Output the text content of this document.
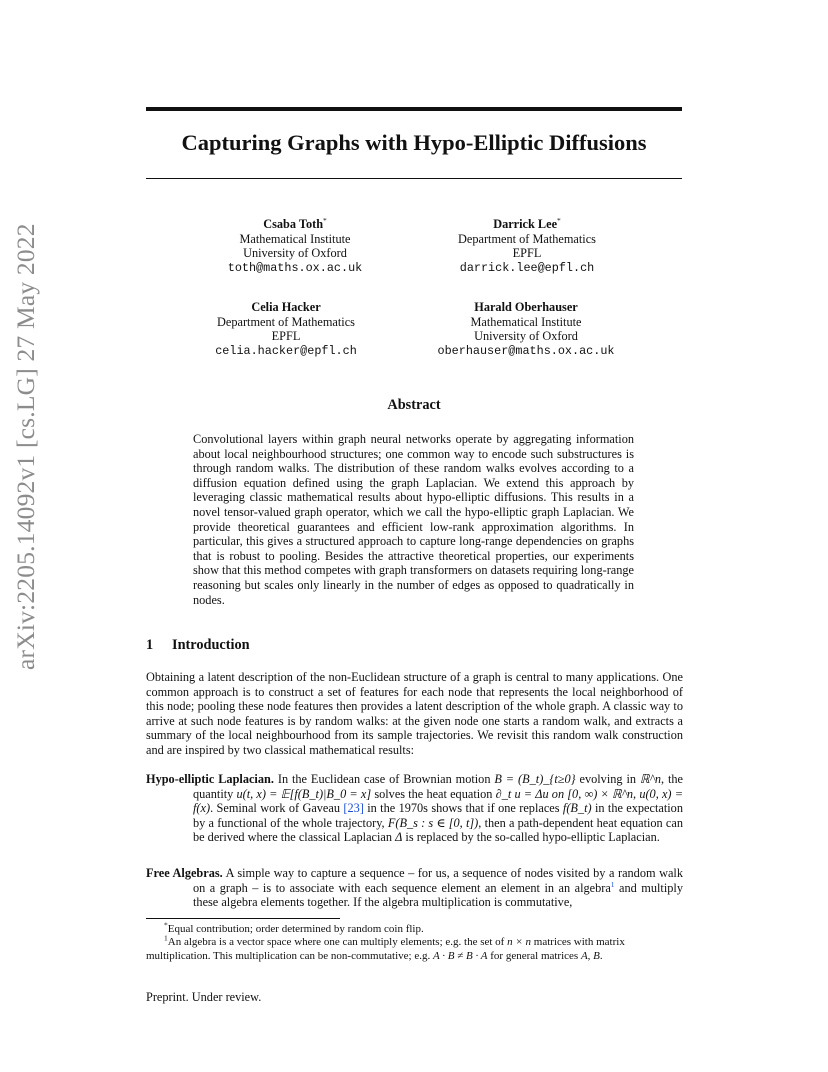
arXiv:2205.14092v1 [cs.LG] 27 May 2022
Capturing Graphs with Hypo-Elliptic Diffusions
Csaba Toth*
Mathematical Institute
University of Oxford
toth@maths.ox.ac.uk
Darrick Lee*
Department of Mathematics
EPFL
darrick.lee@epfl.ch
Celia Hacker
Department of Mathematics
EPFL
celia.hacker@epfl.ch
Harald Oberhauser
Mathematical Institute
University of Oxford
oberhauser@maths.ox.ac.uk
Abstract

Convolutional layers within graph neural networks operate by aggregating information about local neighbourhood structures; one common way to encode such substructures is through random walks. The distribution of these random walks evolves according to a diffusion equation defined using the graph Laplacian. We extend this approach by leveraging classic mathematical results about hypo-elliptic diffusions. This results in a novel tensor-valued graph operator, which we call the hypo-elliptic graph Laplacian. We provide theoretical guarantees and efficient low-rank approximation algorithms. In particular, this gives a structured approach to capture long-range dependencies on graphs that is robust to pooling. Besides the attractive theoretical properties, our experiments show that this method competes with graph transformers on datasets requiring long-range reasoning but scales only linearly in the number of edges as opposed to quadratically in nodes.

1 Introduction

Obtaining a latent description of the non-Euclidean structure of a graph is central to many applications. One common approach is to construct a set of features for each node that represents the local neighborhood of this node; pooling these node features then provides a latent description of the whole graph. A classic way to arrive at such node features is by random walks: at the given node one starts a random walk, and extracts a summary of the local neighbourhood from its sample trajectories. We revisit this random walk construction and are inspired by two classical mathematical results:

Hypo-elliptic Laplacian. In the Euclidean case of Brownian motion B = (B_t)_{t≥0} evolving in ℝ^n, the quantity u(t, x) = 𝔼[f(B_t)|B_0 = x] solves the heat equation ∂_t u = Δu on [0, ∞) × ℝ^n, u(0, x) = f(x). Seminal work of Gaveau [23] in the 1970s shows that if one replaces f(B_t) in the expectation by a functional of the whole trajectory, F(B_s : s ∈ [0, t]), then a path-dependent heat equation can be derived where the classical Laplacian Δ is replaced by the so-called hypo-elliptic Laplacian.

Free Algebras. A simple way to capture a sequence – for us, a sequence of nodes visited by a random walk on a graph – is to associate with each sequence element an element in an algebra$^1$ and multiply these algebra elements together. If the algebra multiplication is commutative,

*Equal contribution; order determined by random coin flip.

$^1$An algebra is a vector space where one can multiply elements; e.g. the set of n × n matrices with matrix multiplication. This multiplication can be non-commutative; e.g. A · B ≠ B · A for general matrices A, B.

Preprint. Under review.
